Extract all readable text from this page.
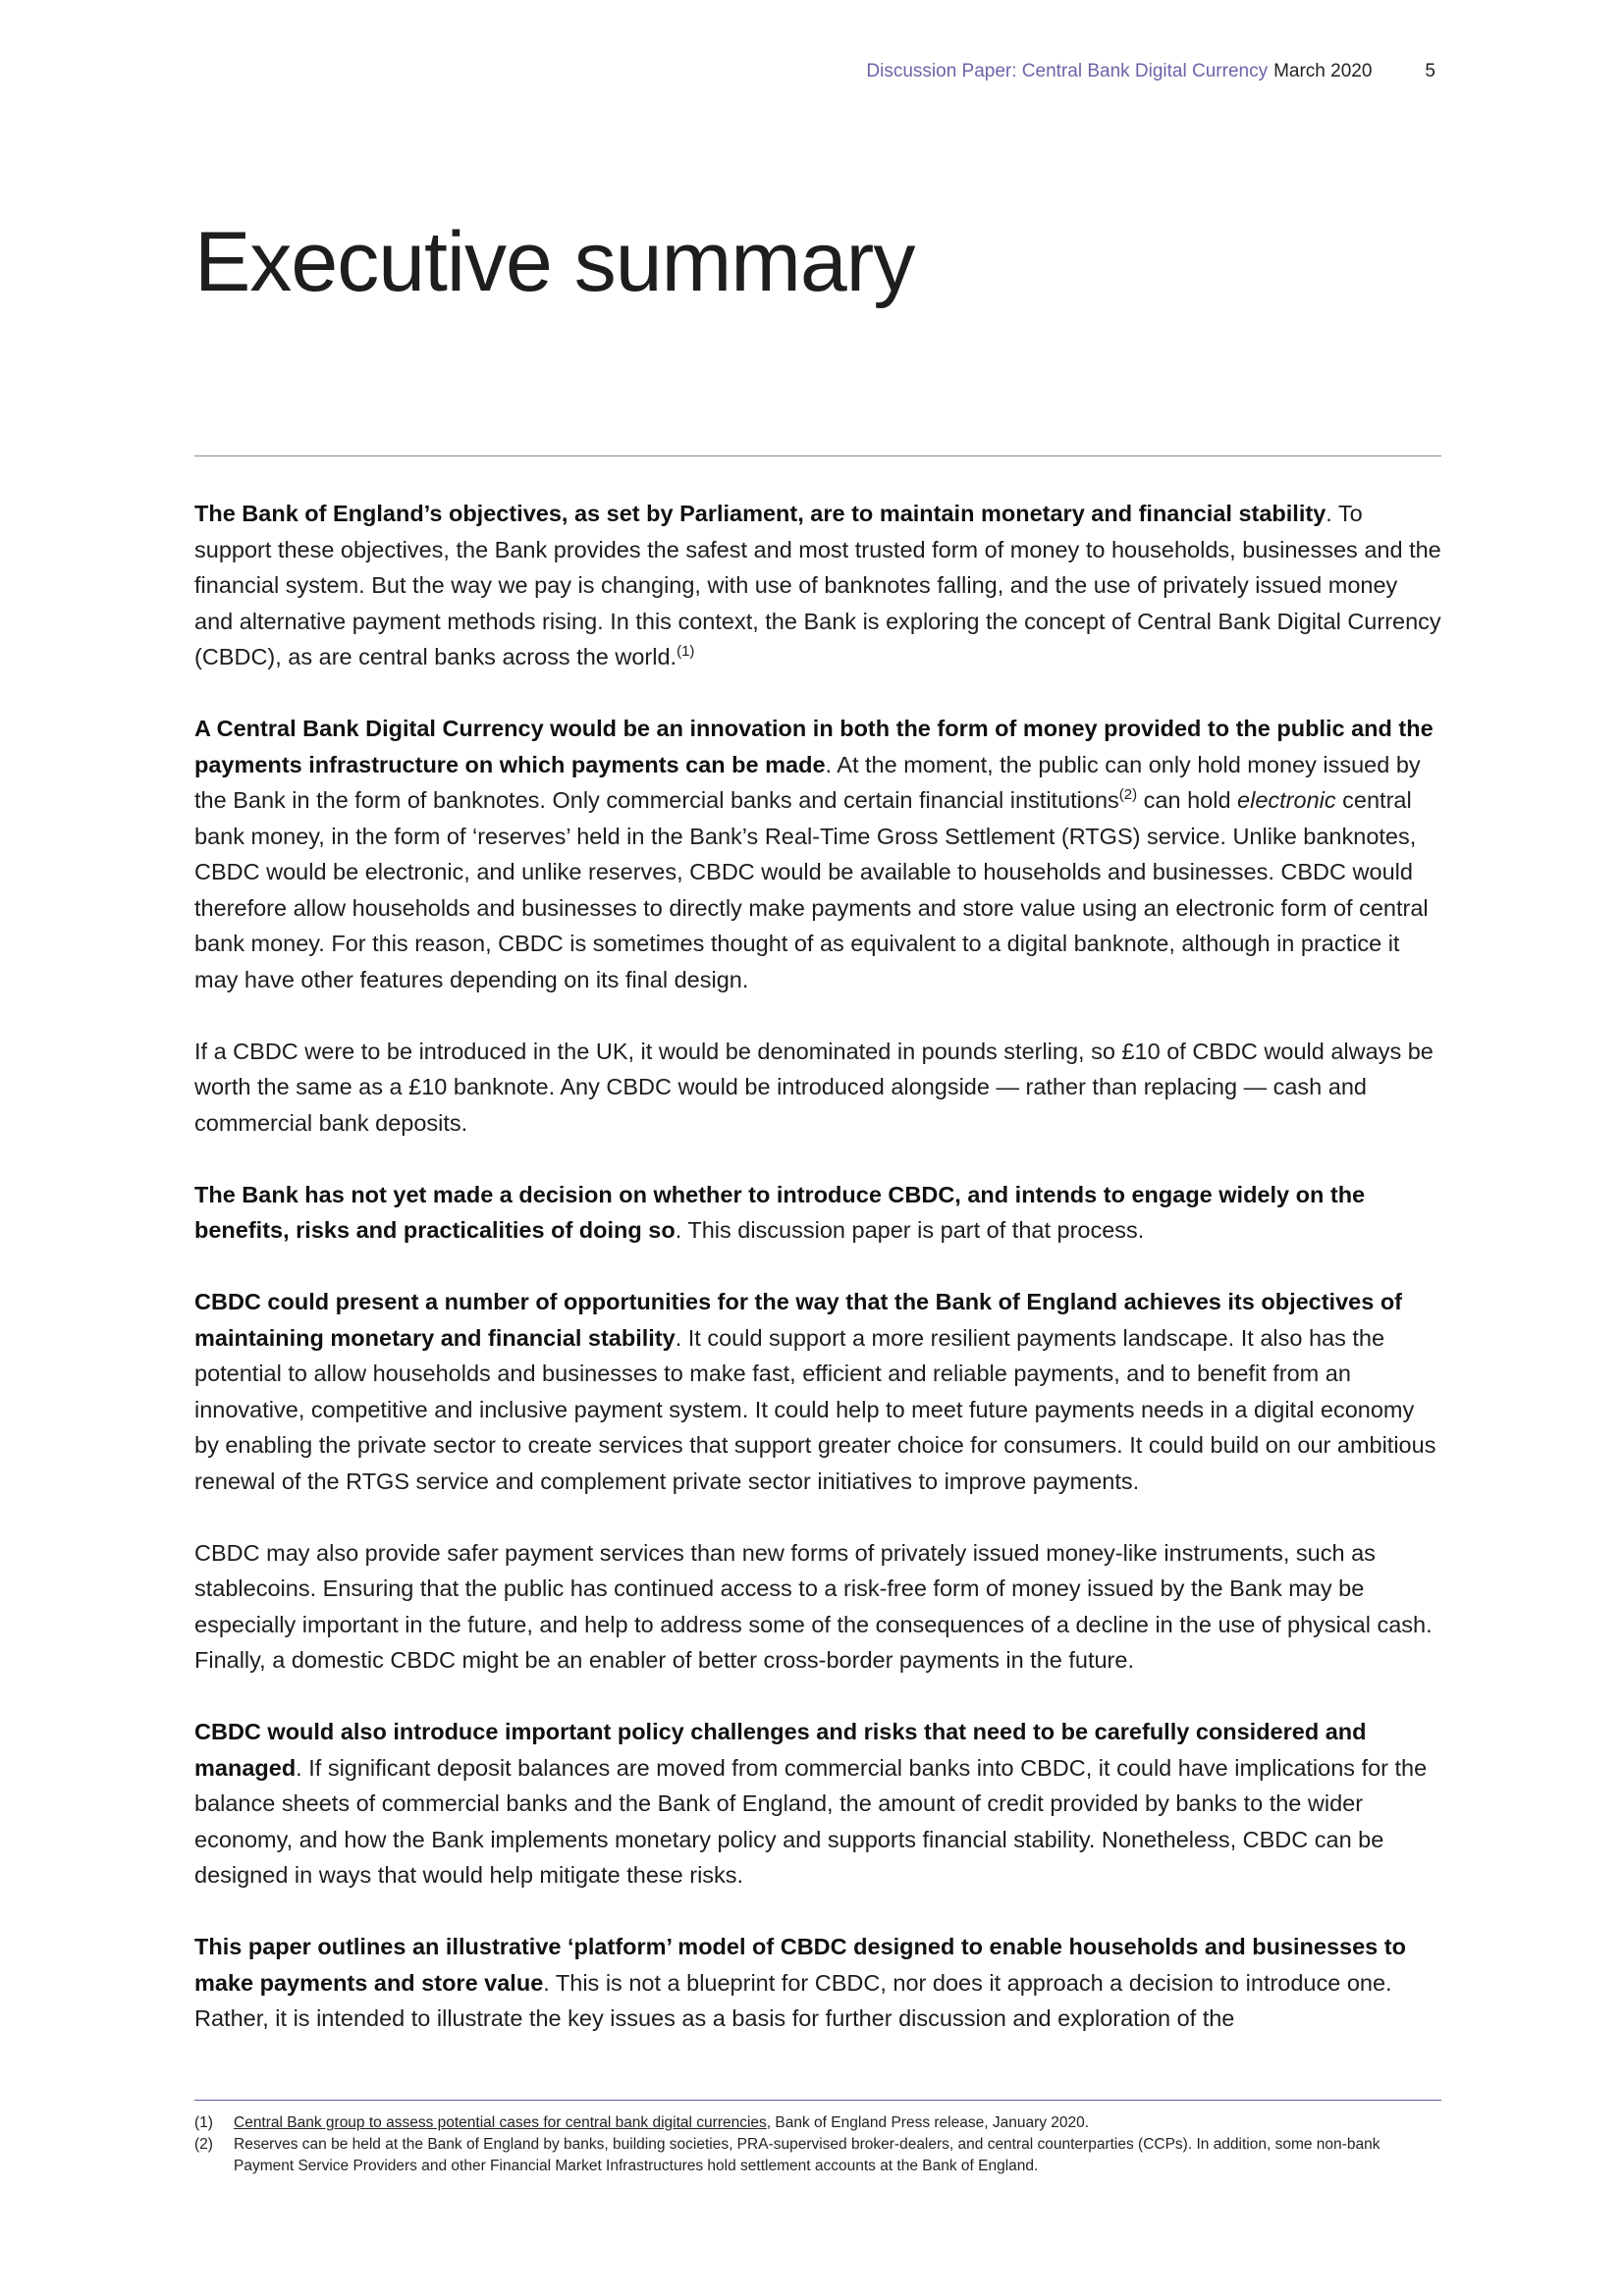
Discussion Paper: Central Bank Digital Currency March 2020	5
Executive summary

The Bank of England’s objectives, as set by Parliament, are to maintain monetary and financial stability. To support these objectives, the Bank provides the safest and most trusted form of money to households, businesses and the financial system. But the way we pay is changing, with use of banknotes falling, and the use of privately issued money and alternative payment methods rising. In this context, the Bank is exploring the concept of Central Bank Digital Currency (CBDC), as are central banks across the world.$^{(1)}$

A Central Bank Digital Currency would be an innovation in both the form of money provided to the public and the payments infrastructure on which payments can be made. At the moment, the public can only hold money issued by the Bank in the form of banknotes. Only commercial banks and certain financial institutions$^{(2)}$ can hold electronic central bank money, in the form of ‘reserves’ held in the Bank’s Real-Time Gross Settlement (RTGS) service. Unlike banknotes, CBDC would be electronic, and unlike reserves, CBDC would be available to households and businesses. CBDC would therefore allow households and businesses to directly make payments and store value using an electronic form of central bank money. For this reason, CBDC is sometimes thought of as equivalent to a digital banknote, although in practice it may have other features depending on its final design.

If a CBDC were to be introduced in the UK, it would be denominated in pounds sterling, so £10 of CBDC would always be worth the same as a £10 banknote. Any CBDC would be introduced alongside — rather than replacing — cash and commercial bank deposits.

The Bank has not yet made a decision on whether to introduce CBDC, and intends to engage widely on the benefits, risks and practicalities of doing so. This discussion paper is part of that process.

CBDC could present a number of opportunities for the way that the Bank of England achieves its objectives of maintaining monetary and financial stability. It could support a more resilient payments landscape. It also has the potential to allow households and businesses to make fast, efficient and reliable payments, and to benefit from an innovative, competitive and inclusive payment system. It could help to meet future payments needs in a digital economy by enabling the private sector to create services that support greater choice for consumers. It could build on our ambitious renewal of the RTGS service and complement private sector initiatives to improve payments.

CBDC may also provide safer payment services than new forms of privately issued money-like instruments, such as stablecoins. Ensuring that the public has continued access to a risk-free form of money issued by the Bank may be especially important in the future, and help to address some of the consequences of a decline in the use of physical cash. Finally, a domestic CBDC might be an enabler of better cross-border payments in the future.

CBDC would also introduce important policy challenges and risks that need to be carefully considered and managed. If significant deposit balances are moved from commercial banks into CBDC, it could have implications for the balance sheets of commercial banks and the Bank of England, the amount of credit provided by banks to the wider economy, and how the Bank implements monetary policy and supports financial stability. Nonetheless, CBDC can be designed in ways that would help mitigate these risks.

This paper outlines an illustrative ‘platform’ model of CBDC designed to enable households and businesses to make payments and store value. This is not a blueprint for CBDC, nor does it approach a decision to introduce one. Rather, it is intended to illustrate the key issues as a basis for further discussion and exploration of the

(1)	Central Bank group to assess potential cases for central bank digital currencies, Bank of England Press release, January 2020.
(2)	Reserves can be held at the Bank of England by banks, building societies, PRA-supervised broker-dealers, and central counterparties (CCPs). In addition, some non-bank Payment Service Providers and other Financial Market Infrastructures hold settlement accounts at the Bank of England.
